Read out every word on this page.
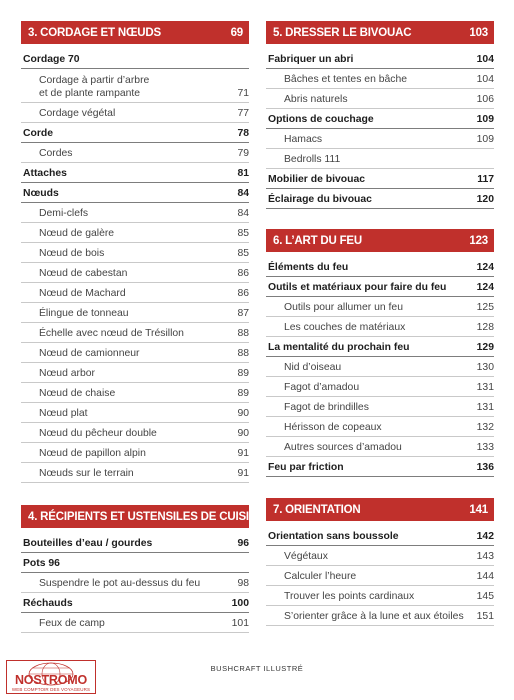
3. CORDAGE ET NŒUDS	69
Cordage 70
Cordage à partir d’arbre
et de plante rampante	71
Cordage végétal	77
Corde	78
Cordes	79
Attaches	81
Nœuds	84
Demi-clefs	84
Nœud de galère	85
Nœud de bois	85
Nœud de cabestan	86
Nœud de Machard	86
Élingue de tonneau	87
Échelle avec nœud de Trésillon	88
Nœud de camionneur	88
Nœud arbor	89
Nœud de chaise	89
Nœud plat	90
Nœud du pêcheur double	90
Nœud de papillon alpin	91
Nœuds sur le terrain	91
4. RÉCIPIENTS ET USTENSILES DE CUISINE
Bouteilles d’eau / gourdes	96
Pots 96
Suspendre le pot au-dessus du feu	98
Réchauds	100
Feux de camp	101
5. DRESSER LE BIVOUAC	103
Fabriquer un abri	104
Bâches et tentes en bâche	104
Abris naturels	106
Options de couchage	109
Hamacs	109
Bedrolls 111
Mobilier de bivouac	117
Éclairage du bivouac	120
6. L’ART DU FEU	123
Éléments du feu	124
Outils et matériaux pour faire du feu	124
Outils pour allumer un feu	125
Les couches de matériaux	128
La mentalité du prochain feu	129
Nid d’oiseau	130
Fagot d’amadou	131
Fagot de brindilles	131
Hérisson de copeaux	132
Autres sources d’amadou	133
Feu par friction	136
7. ORIENTATION	141
Orientation sans boussole	142
Végétaux	143
Calculer l’heure	144
Trouver les points cardinaux	145
S’orienter grâce à la lune et aux étoiles 151
BUSHCRAFT ILLUSTRÉ
NOSTROMO
WEB COMPTOIR DES VOYAGEURS
